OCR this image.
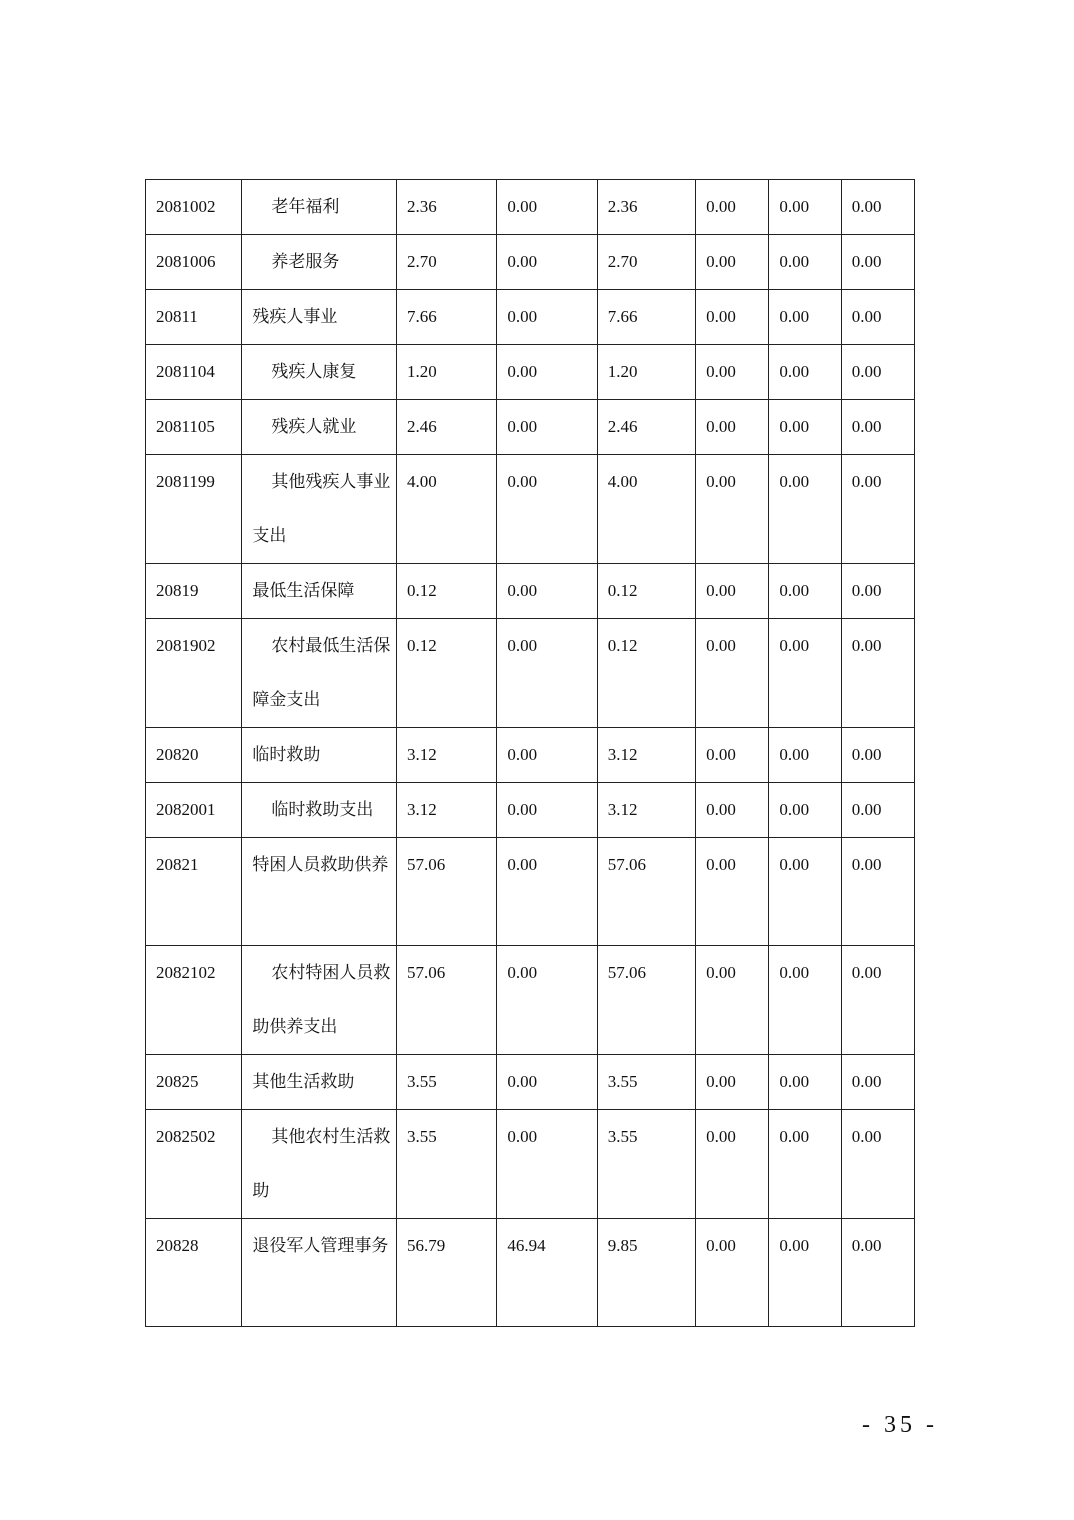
2081002	老年福利	2.36	0.00	2.36	0.00	0.00	0.00

2081006	养老服务	2.70	0.00	2.70	0.00	0.00	0.00

20811	残疾人事业	7.66	0.00	7.66	0.00	0.00	0.00

2081104	残疾人康复	1.20	0.00	1.20	0.00	0.00	0.00

2081105	残疾人就业	2.46	0.00	2.46	0.00	0.00	0.00

2081199	其他残疾人事业支出	4.00	0.00	4.00	0.00	0.00	0.00

20819	最低生活保障	0.12	0.00	0.12	0.00	0.00	0.00

2081902	农村最低生活保障金支出	0.12	0.00	0.12	0.00	0.00	0.00

20820	临时救助	3.12	0.00	3.12	0.00	0.00	0.00

2082001	临时救助支出	3.12	0.00	3.12	0.00	0.00	0.00

20821	特困人员救助供养	57.06	0.00	57.06	0.00	0.00	0.00

2082102	农村特困人员救助供养支出	57.06	0.00	57.06	0.00	0.00	0.00

20825	其他生活救助	3.55	0.00	3.55	0.00	0.00	0.00

2082502	其他农村生活救助	3.55	0.00	3.55	0.00	0.00	0.00

20828	退役军人管理事务	56.79	46.94	9.85	0.00	0.00	0.00
- 35 -
